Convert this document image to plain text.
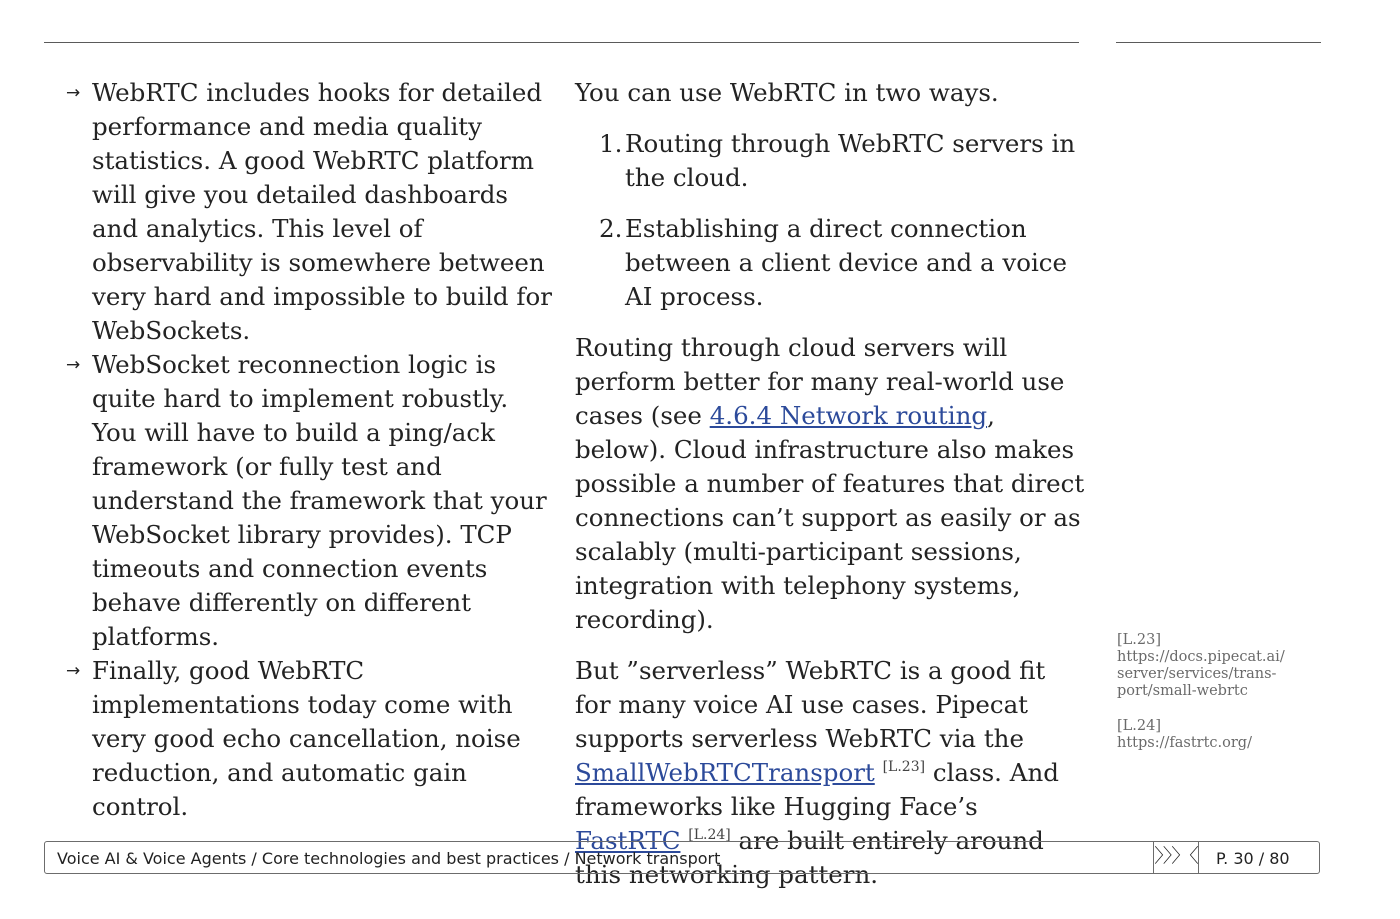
→ WebRTC includes hooks for detailed performance and media quality statistics. A good WebRTC platform will give you detailed dashboards and analytics. This level of observability is somewhere between very hard and impossible to build for WebSockets.
→ WebSocket reconnection logic is quite hard to implement robustly. You will have to build a ping/ack framework (or fully test and understand the framework that your WebSocket library provides). TCP timeouts and connection events behave differently on different platforms.
→ Finally, good WebRTC implementations today come with very good echo cancellation, noise reduction, and automatic gain control.

You can use WebRTC in two ways.

1. Routing through WebRTC servers in the cloud.
2. Establishing a direct connection between a client device and a voice AI process.

Routing through cloud servers will perform better for many real-world use cases (see 4.6.4 Network routing, below). Cloud infrastructure also makes possible a number of features that direct connections can’t support as easily or as scalably (multi-participant sessions, integration with telephony systems, recording).

But ”serverless” WebRTC is a good fit for many voice AI use cases. Pipecat supports serverless WebRTC via the SmallWebRTCTransport [L.23] class. And frameworks like Hugging Face’s FastRTC [L.24] are built entirely around this networking pattern.

[L.23]
https://docs.pipecat.ai/ server/services/transport/small-webrtc
[L.24]
https://fastrtc.org/
Voice AI & Voice Agents / Core technologies and best practices / Network transport	〉〉〉〈 P. 30 / 80
